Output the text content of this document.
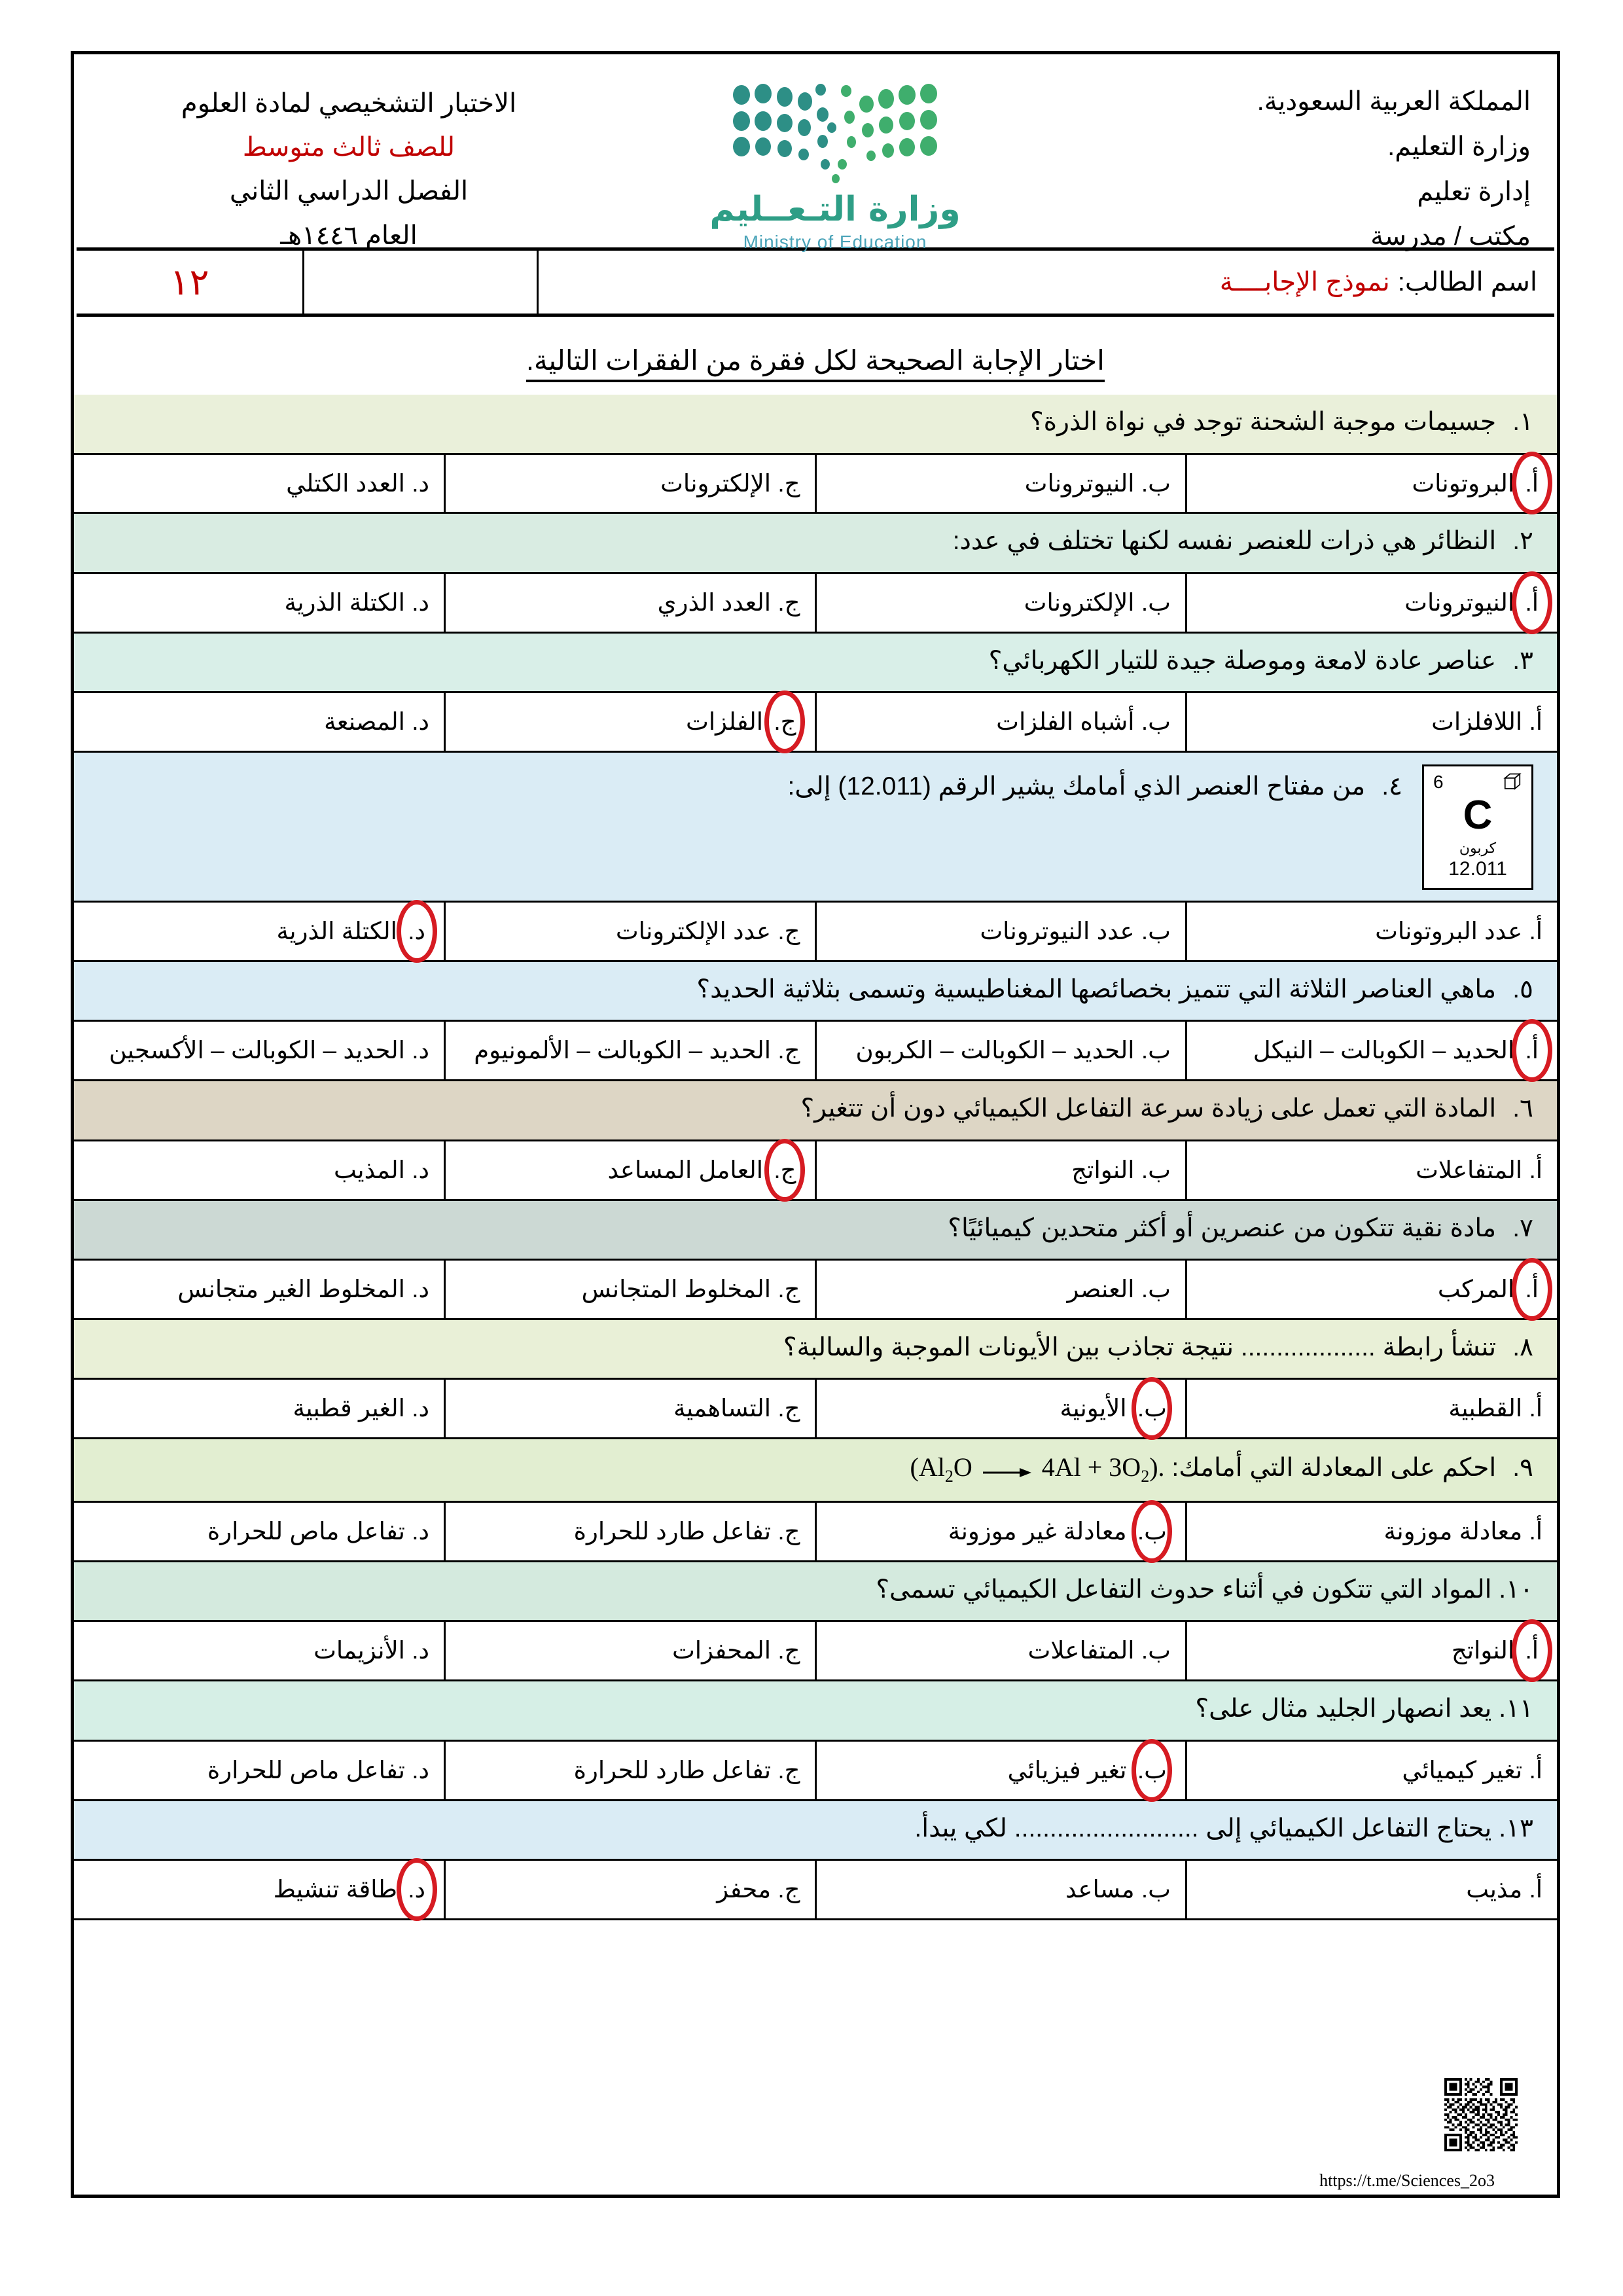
المملكة العربية السعودية.
وزارة التعليم.
إدارة تعليم
مكتب / مدرسة
وزارة التـعــليم
Ministry of Education
الاختبار التشخيصي لمادة العلوم
للصف ثالث متوسط
الفصل الدراسي الثاني
العام ١٤٤٦هـ
اسم الطالب:
نموذج الإجابــــة
١٢
اختار الإجابة الصحيحة لكل فقرة من الفقرات التالية.
١. جسيمات موجبة الشحنة توجد في نواة الذرة؟			

أ. البروتونات	ب. النيوترونات	ج. الإلكترونات	د. العدد الكتلي

٢. النظائر هي ذرات للعنصر نفسه لكنها تختلف في عدد:			

أ. النيوترونات	ب. الإلكترونات	ج. العدد الذري	د. الكتلة الذرية

٣. عناصر عادة لامعة وموصلة جيدة للتيار الكهربائي؟			

أ. اللافلزات	ب. أشباه الفلزات	ج. الفلزات	د. المصنعة

6
C
كربون
12.011
٤. من مفتاح العنصر الذي أمامك يشير الرقم (12.011) إلى:			

أ. عدد البروتونات	ب. عدد النيوترونات	ج. عدد الإلكترونات	د. الكتلة الذرية

٥. ماهي العناصر الثلاثة التي تتميز بخصائصها المغناطيسية وتسمى بثلاثية الحديد؟			

أ. الحديد – الكوبالت – النيكل	ب. الحديد – الكوبالت – الكربون	ج. الحديد – الكوبالت – الألمونيوم	د. الحديد – الكوبالت – الأكسجين

٦. المادة التي تعمل على زيادة سرعة التفاعل الكيميائي دون أن تتغير؟			

أ. المتفاعلات	ب. النواتج	ج. العامل المساعد	د. المذيب

٧. مادة نقية تتكون من عنصرين أو أكثر متحدين كيميائيًا؟			

أ. المركب	ب. العنصر	ج. المخلوط المتجانس	د. المخلوط الغير متجانس

٨. تنشأ رابطة ................... نتيجة تجاذب بين الأيونات الموجبة والسالبة؟			

أ. القطبية	ب. الأيونية	ج. التساهمية	د. الغير قطبية

٩. احكم على المعادلة التي أمامك: $(Al_2O \to 4Al + 3O_2)$.			

أ. معادلة موزونة	ب. معادلة غير موزونة	ج. تفاعل طارد للحرارة	د. تفاعل ماص للحرارة

١٠. المواد التي تتكون في أثناء حدوث التفاعل الكيميائي تسمى؟			

أ. النواتج	ب. المتفاعلات	ج. المحفزات	د. الأنزيمات

١١. يعد انصهار الجليد مثال على؟			

أ. تغير كيميائي	ب. تغير فيزيائي	ج. تفاعل طارد للحرارة	د. تفاعل ماص للحرارة

١٣. يحتاج التفاعل الكيميائي إلى .......................... لكي يبدأ.			

أ. مذيب	ب. مساعد	ج. محفز	د. طاقة تنشيط
https://t.me/Sciences_2o3
